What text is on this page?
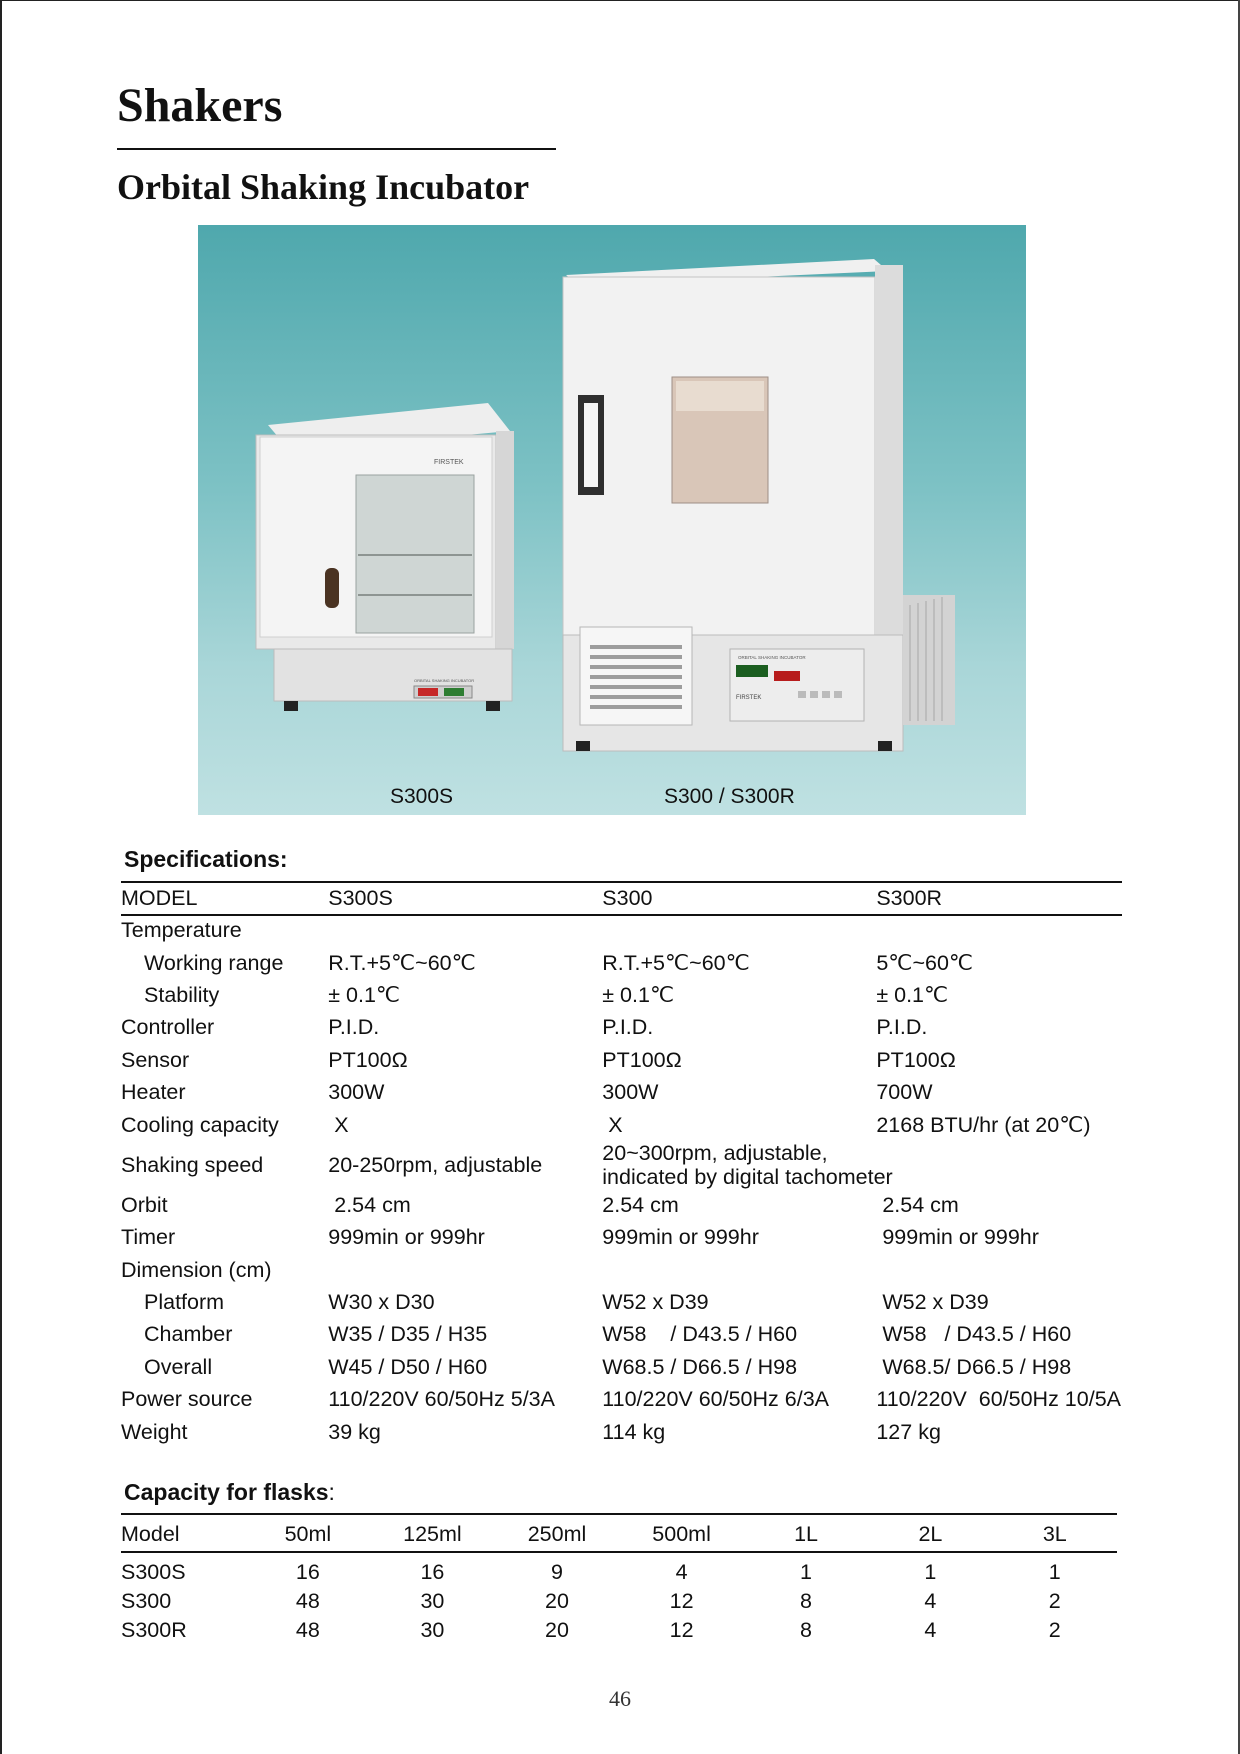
Shakers
Orbital Shaking Incubator
FIRSTEK
ORBITAL SHAKING INCUBATOR
ORBITAL SHAKING INCUBATOR
FIRSTEK
S300S	S300 / S300R
Specifications:
MODEL	S300S	S300	S300R
Temperature			
Working range	R.T.+5℃~60℃	R.T.+5℃~60℃	5℃~60℃
Stability	± 0.1℃	± 0.1℃	± 0.1℃
Controller	P.I.D.	P.I.D.	P.I.D.
Sensor	PT100Ω	PT100Ω	PT100Ω
Heater	300W	300W	700W
Cooling capacity	X	X	2168 BTU/hr (at 20℃)
Shaking speed	20-250rpm, adjustable	20~300rpm, adjustable,
indicated by digital tachometer	

Orbit	2.54 cm	2.54 cm	2.54 cm
Timer	999min or 999hr	999min or 999hr	999min or 999hr
Dimension (cm)			
Platform	W30 x D30	W52 x D39	W52 x D39
Chamber	W35 / D35 / H35	W58    / D43.5 / H60	W58   / D43.5 / H60
Overall	W45 / D50 / H60	W68.5 / D66.5 / H98	W68.5/ D66.5 / H98
Power source	110/220V 60/50Hz 5/3A	110/220V 60/50Hz 6/3A	110/220V  60/50Hz 10/5A
Weight	39 kg	114 kg	127 kg
Capacity for flasks:
Model	50ml	125ml	250ml	500ml	1L	2L	3L
S300S	16	16	9	4	1	1	1
S300	48	30	20	12	8	4	2
S300R	48	30	20	12	8	4	2
46
